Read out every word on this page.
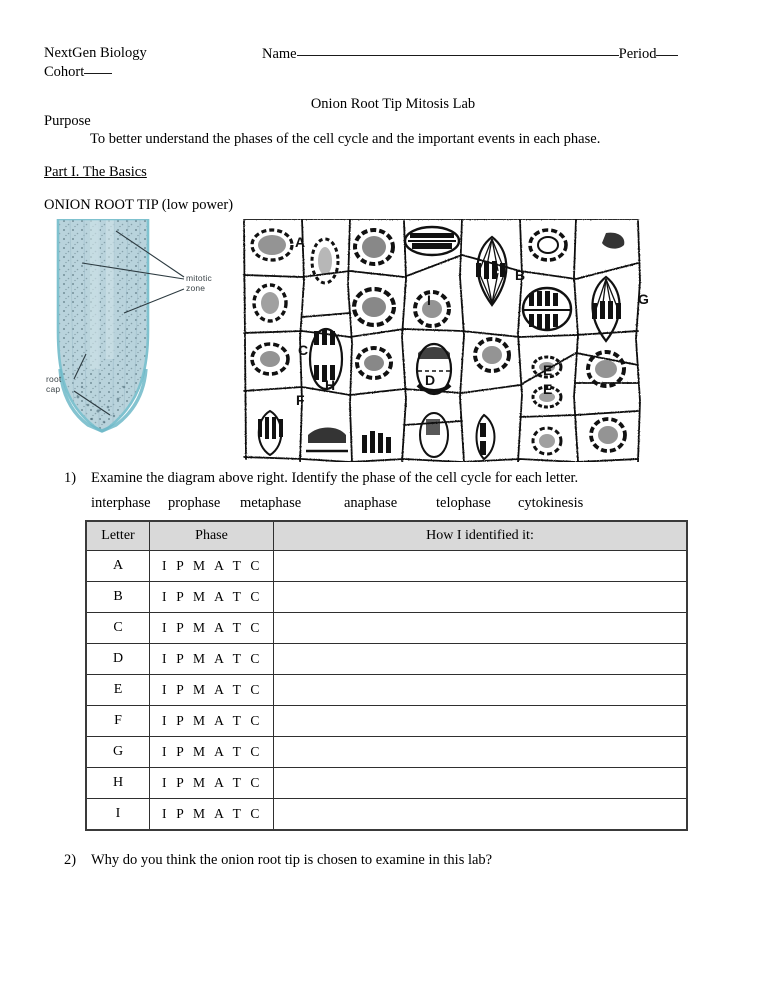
NextGen Biology
Cohort
Name	Period
Onion Root Tip Mitosis Lab
Purpose
To better understand the phases of the cell cycle and the important events in each phase.
Part I. The Basics
ONION ROOT TIP (low power)
mitotic
zone
root
cap
A
B
C
D
E
E
F
G
H
I
1) Examine the diagram above right. Identify the phase of the cell cycle for each letter.
interphase prophase metaphase	anaphase	telophase cytokinesis
Letter	Phase	How I identified it:
A	I P M A T C	

B	I P M A T C	

C	I P M A T C	

D	I P M A T C	

E	I P M A T C	

F	I P M A T C	

G	I P M A T C	

H	I P M A T C	

I	I P M A T C	

2) Why do you think the onion root tip is chosen to examine in this lab?
